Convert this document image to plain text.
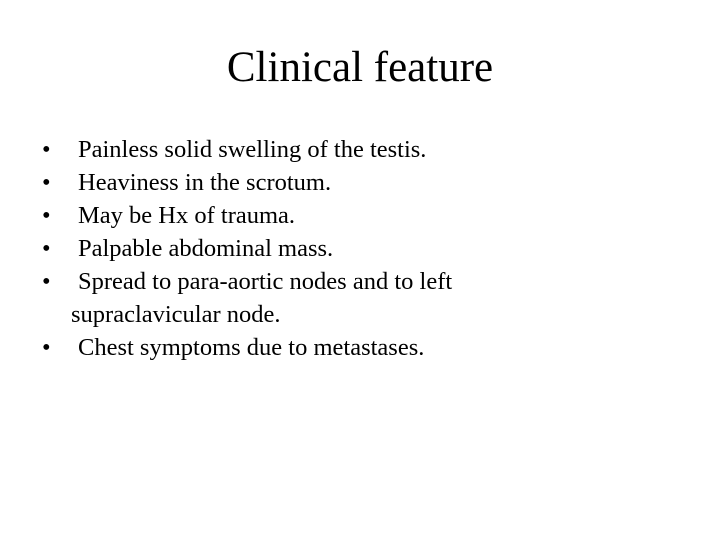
Clinical feature
• Painless solid swelling of the testis.
• Heaviness in the scrotum.
• May be Hx of trauma.
• Palpable abdominal mass.
• Spread to para-aortic nodes and to left
supraclavicular node.
• Chest symptoms due to metastases.
